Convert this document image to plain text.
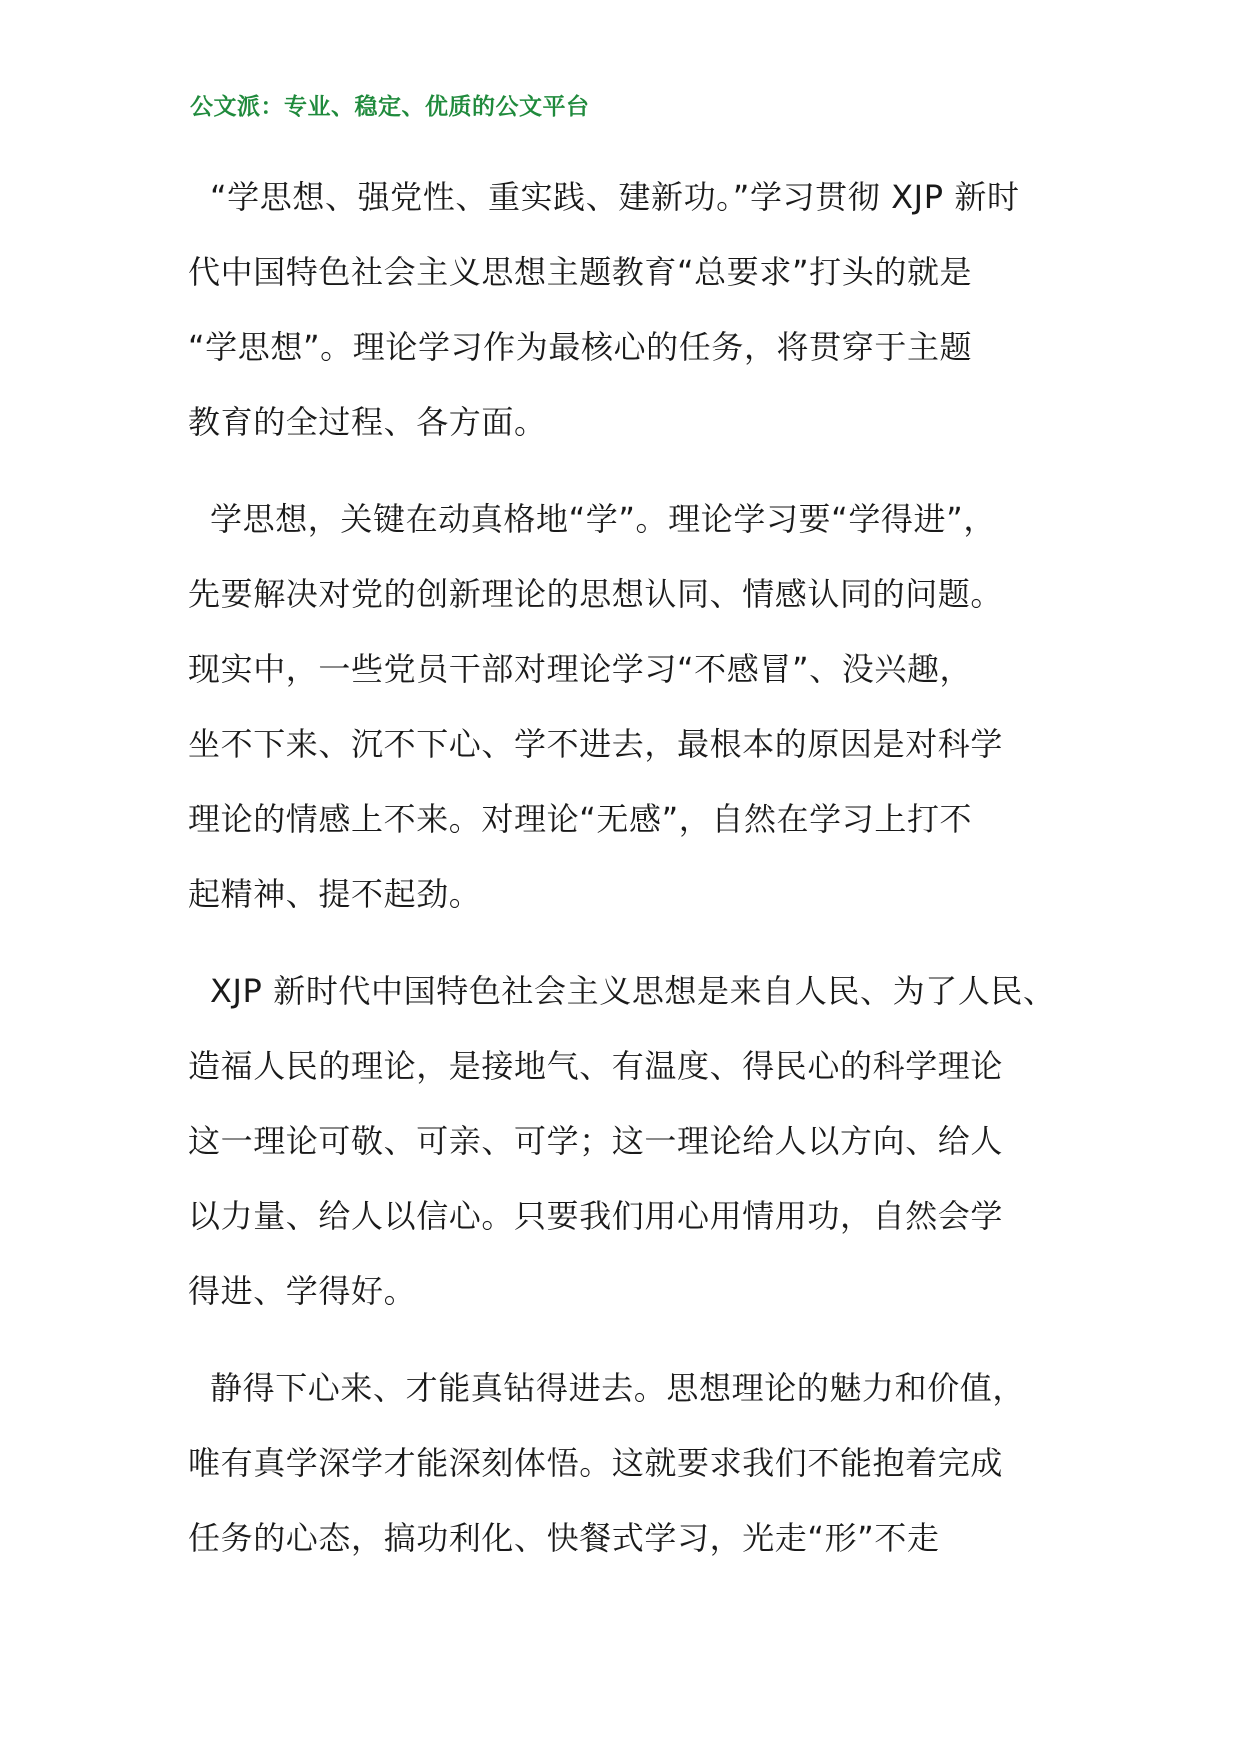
公文派：专业、稳定、优质的公文平台
“学思想、强党性、重实践、建新功。”学习贯彻 XJP 新时
代中国特色社会主义思想主题教育“总要求”打头的就是
“学思想”。理论学习作为最核心的任务，将贯穿于主题
教育的全过程、各方面。
学思想，关键在动真格地“学”。理论学习要“学得进”，
先要解决对党的创新理论的思想认同、情感认同的问题。
现实中，一些党员干部对理论学习“不感冒”、没兴趣，
坐不下来、沉不下心、学不进去，最根本的原因是对科学
理论的情感上不来。对理论“无感”，自然在学习上打不
起精神、提不起劲。
XJP 新时代中国特色社会主义思想是来自人民、为了人民、
造福人民的理论，是接地气、有温度、得民心的科学理论
这一理论可敬、可亲、可学；这一理论给人以方向、给人
以力量、给人以信心。只要我们用心用情用功，自然会学
得进、学得好。
静得下心来、才能真钻得进去。思想理论的魅力和价值，
唯有真学深学才能深刻体悟。这就要求我们不能抱着完成
任务的心态，搞功利化、快餐式学习，光走“形”不走
